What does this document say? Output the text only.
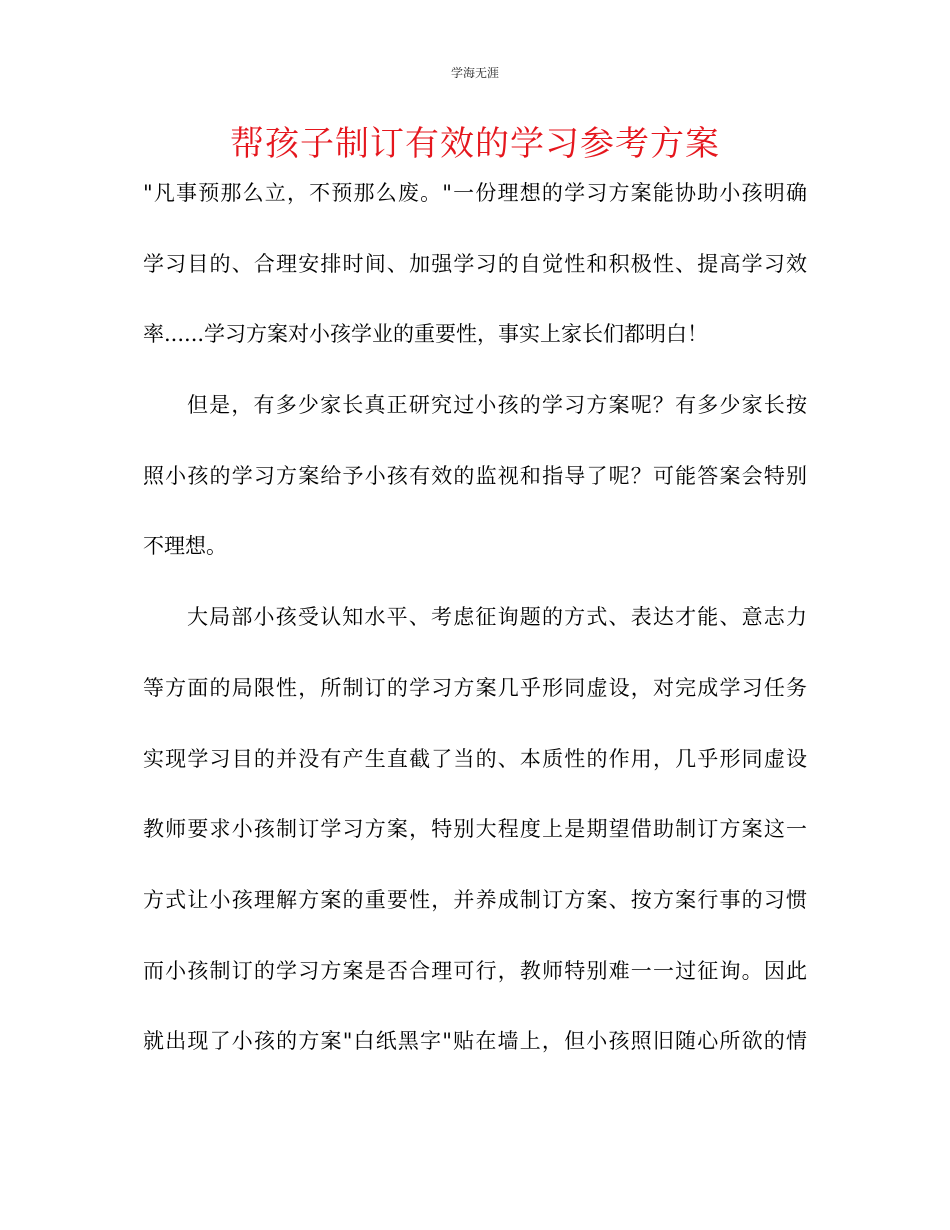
学海无涯
帮孩子制订有效的学习参考方案
"凡事预那么立，不预那么废。"一份理想的学习方案能协助小孩明确
学习目的、合理安排时间、加强学习的自觉性和积极性、提高学习效
率......学习方案对小孩学业的重要性，事实上家长们都明白！
但是，有多少家长真正研究过小孩的学习方案呢？有多少家长按
照小孩的学习方案给予小孩有效的监视和指导了呢？可能答案会特别
不理想。
大局部小孩受认知水平、考虑征询题的方式、表达才能、意志力
等方面的局限性，所制订的学习方案几乎形同虚设，对完成学习任务
实现学习目的并没有产生直截了当的、本质性的作用，几乎形同虚设
教师要求小孩制订学习方案，特别大程度上是期望借助制订方案这一
方式让小孩理解方案的重要性，并养成制订方案、按方案行事的习惯
而小孩制订的学习方案是否合理可行，教师特别难一一过征询。因此
就出现了小孩的方案"白纸黑字"贴在墙上，但小孩照旧随心所欲的情
